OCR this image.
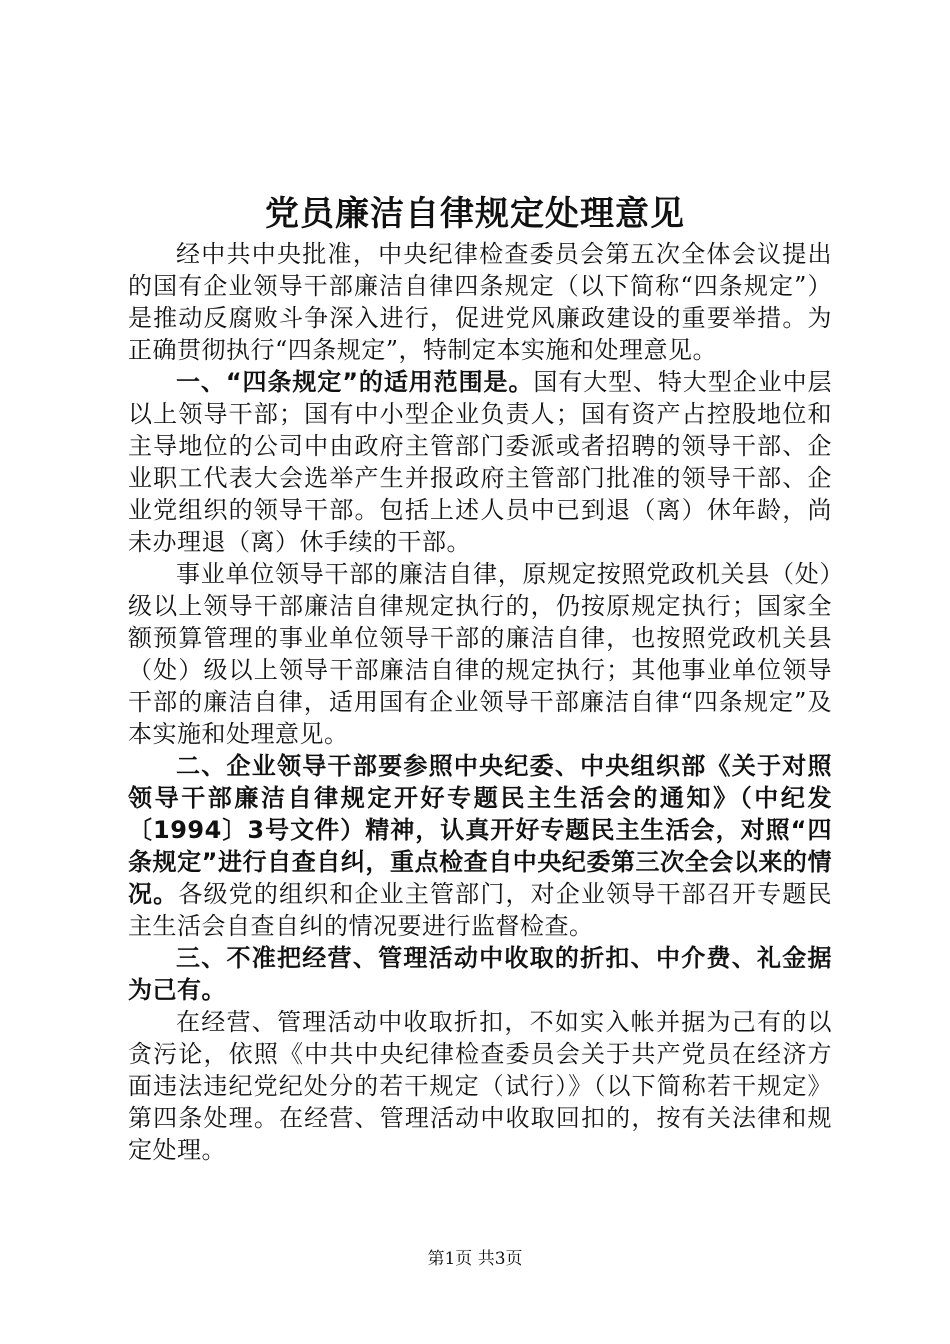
党员廉洁自律规定处理意见

经中共中央批准，中央纪律检查委员会第五次全体会议提出的国有企业领导干部廉洁自律四条规定（以下简称“四条规定”）是推动反腐败斗争深入进行，促进党风廉政建设的重要举措。为正确贯彻执行“四条规定”，特制定本实施和处理意见。

一、“四条规定”的适用范围是。国有大型、特大型企业中层以上领导干部；国有中小型企业负责人；国有资产占控股地位和主导地位的公司中由政府主管部门委派或者招聘的领导干部、企业职工代表大会选举产生并报政府主管部门批准的领导干部、企业党组织的领导干部。包括上述人员中已到退（离）休年龄，尚未办理退（离）休手续的干部。

事业单位领导干部的廉洁自律，原规定按照党政机关县（处）级以上领导干部廉洁自律规定执行的，仍按原规定执行；国家全额预算管理的事业单位领导干部的廉洁自律，也按照党政机关县（处）级以上领导干部廉洁自律的规定执行；其他事业单位领导干部的廉洁自律，适用国有企业领导干部廉洁自律“四条规定”及本实施和处理意见。

二、企业领导干部要参照中央纪委、中央组织部《关于对照领导干部廉洁自律规定开好专题民主生活会的通知》（中纪发〔1994〕3号文件）精神，认真开好专题民主生活会，对照“四条规定”进行自查自纠，重点检查自中央纪委第三次全会以来的情况。各级党的组织和企业主管部门，对企业领导干部召开专题民主生活会自查自纠的情况要进行监督检查。

三、不准把经营、管理活动中收取的折扣、中介费、礼金据为己有。

在经营、管理活动中收取折扣，不如实入帐并据为己有的以贪污论，依照《中共中央纪律检查委员会关于共产党员在经济方面违法违纪党纪处分的若干规定（试行）》（以下简称若干规定》第四条处理。在经营、管理活动中收取回扣的，按有关法律和规定处理。

第1页 共3页
